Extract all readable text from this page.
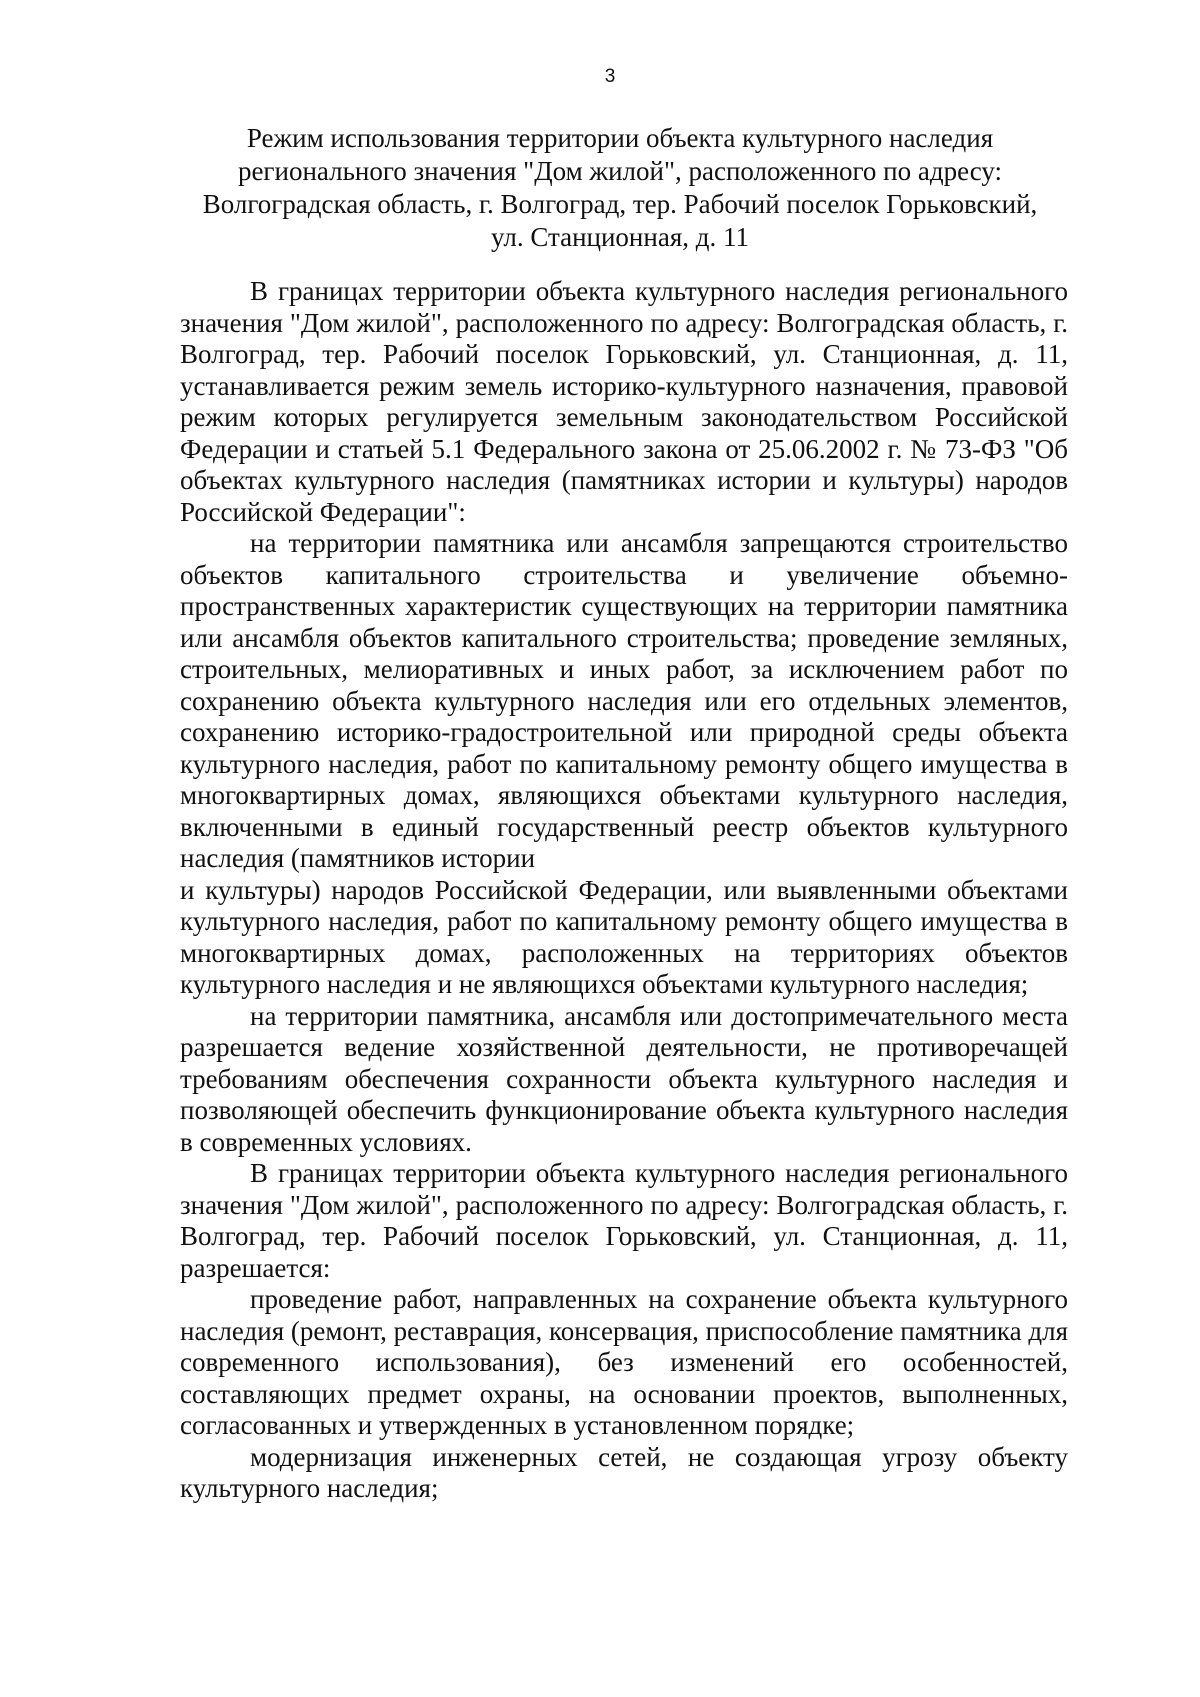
3
Режим использования территории объекта культурного наследия
регионального значения "Дом жилой", расположенного по адресу:
Волгоградская область, г. Волгоград, тер. Рабочий поселок Горьковский,
ул. Станционная, д. 11

В границах территории объекта культурного наследия регионального значения "Дом жилой", расположенного по адресу: Волгоградская область, г. Волгоград, тер. Рабочий поселок Горьковский, ул. Станционная, д. 11, устанавливается режим земель историко-культурного назначения, правовой режим которых регулируется земельным законодательством Российской Федерации и статьей 5.1 Федерального закона от 25.06.2002 г. № 73-ФЗ "Об объектах культурного наследия (памятниках истории и культуры) народов Российской Федерации":

на территории памятника или ансамбля запрещаются строительство объектов капитального строительства и увеличение объемно-пространственных характеристик существующих на территории памятника или ансамбля объектов капитального строительства; проведение земляных, строительных, мелиоративных и иных работ, за исключением работ по сохранению объекта культурного наследия или его отдельных элементов, сохранению историко-градостроительной или природной среды объекта культурного наследия, работ по капитальному ремонту общего имущества в многоквартирных домах, являющихся объектами культурного наследия, включенными в единый государственный реестр объектов культурного наследия (памятников истории

и культуры) народов Российской Федерации, или выявленными объектами культурного наследия, работ по капитальному ремонту общего имущества в многоквартирных домах, расположенных на территориях объектов культурного наследия и не являющихся объектами культурного наследия;

на территории памятника, ансамбля или достопримечательного места разрешается ведение хозяйственной деятельности, не противоречащей требованиям обеспечения сохранности объекта культурного наследия и позволяющей обеспечить функционирование объекта культурного наследия в современных условиях.

В границах территории объекта культурного наследия регионального значения "Дом жилой", расположенного по адресу: Волгоградская область, г. Волгоград, тер. Рабочий поселок Горьковский, ул. Станционная, д. 11, разрешается:

проведение работ, направленных на сохранение объекта культурного наследия (ремонт, реставрация, консервация, приспособление памятника для современного использования), без изменений его особенностей, составляющих предмет охраны, на основании проектов, выполненных, согласованных и утвержденных в установленном порядке;

модернизация инженерных сетей, не создающая угрозу объекту культурного наследия;
